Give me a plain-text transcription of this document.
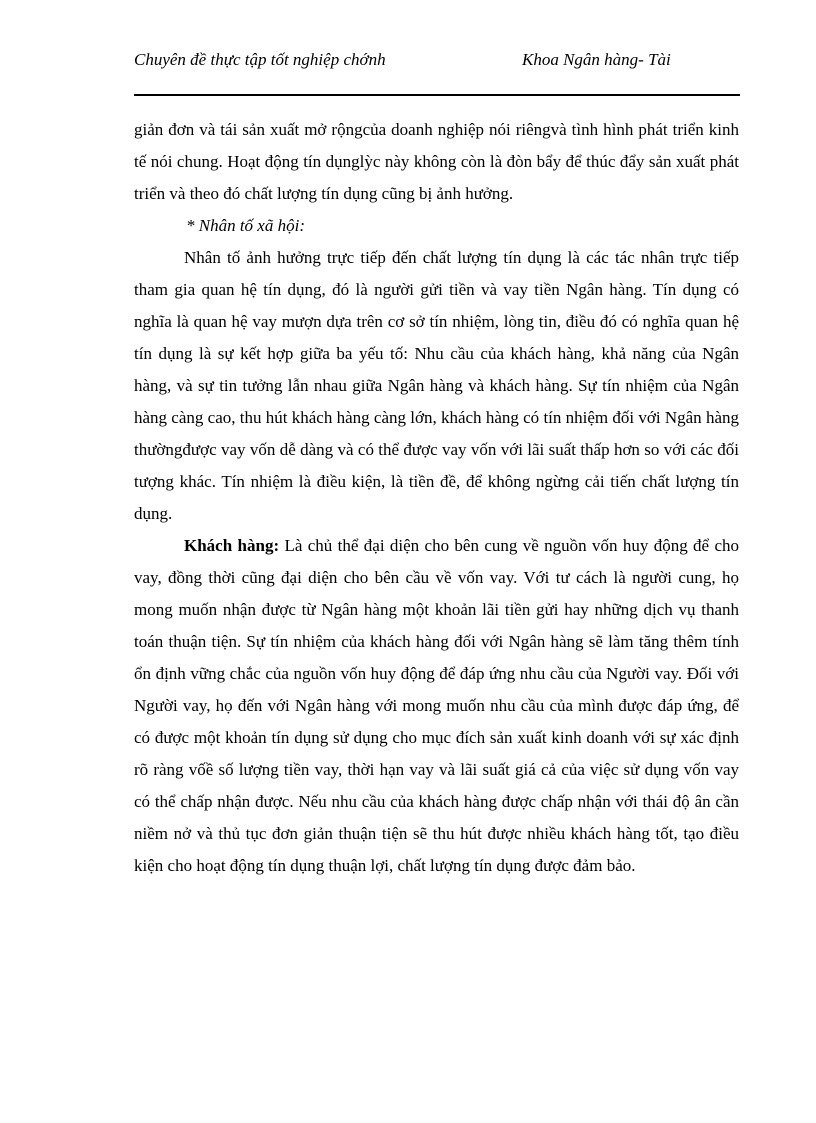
Chuyên đề thực tập tốt nghiệp chớnh	Khoa Ngân hàng- Tài

giản đơn và tái sản xuất mở rộngcủa doanh nghiệp nói riêngvà tình hình phát triển kinh tế nói chung. Hoạt động tín dụnglỳc này không còn là đòn bẩy để thúc đẩy sản xuất phát triển và theo đó chất lượng tín dụng cũng bị ảnh hưởng.

* Nhân tố xã hội:

Nhân tố ảnh hưởng trực tiếp đến chất lượng tín dụng là các tác nhân trực tiếp tham gia quan hệ tín dụng, đó là người gửi tiền và vay tiền Ngân hàng. Tín dụng có nghĩa là quan hệ vay mượn dựa trên cơ sở tín nhiệm, lòng tin, điều đó có nghĩa quan hệ tín dụng là sự kết hợp giữa ba yếu tố: Nhu cầu của khách hàng, khả năng của Ngân hàng, và sự tin tưởng lẫn nhau giữa Ngân hàng và khách hàng. Sự tín nhiệm của Ngân hàng càng cao, thu hút khách hàng càng lớn, khách hàng có tín nhiệm đối với Ngân hàng thườngđược vay vốn dễ dàng và có thể được vay vốn với lãi suất thấp hơn so với các đối tượng khác. Tín nhiệm là điều kiện, là tiền đề, để không ngừng cải tiến chất lượng tín dụng.

Khách hàng: Là chủ thể đại diện cho bên cung về nguồn vốn huy động để cho vay, đồng thời cũng đại diện cho bên cầu về vốn vay. Với tư cách là người cung, họ mong muốn nhận được từ Ngân hàng một khoản lãi tiền gửi hay những dịch vụ thanh toán thuận tiện. Sự tín nhiệm của khách hàng đối với Ngân hàng sẽ làm tăng thêm tính ổn định vững chắc của nguồn vốn huy động để đáp ứng nhu cầu của Người vay. Đối với Người vay, họ đến với Ngân hàng với mong muốn nhu cầu của mình được đáp ứng, để có được một khoản tín dụng sử dụng cho mục đích sản xuất kinh doanh với sự xác định rõ ràng vốề số lượng tiền vay, thời hạn vay và lãi suất giá cả của việc sử dụng vốn vay có thể chấp nhận được. Nếu nhu cầu của khách hàng được chấp nhận với thái độ ân cần niềm nở và thủ tục đơn giản thuận tiện sẽ thu hút được nhiều khách hàng tốt, tạo điều kiện cho hoạt động tín dụng thuận lợi, chất lượng tín dụng được đảm bảo.
